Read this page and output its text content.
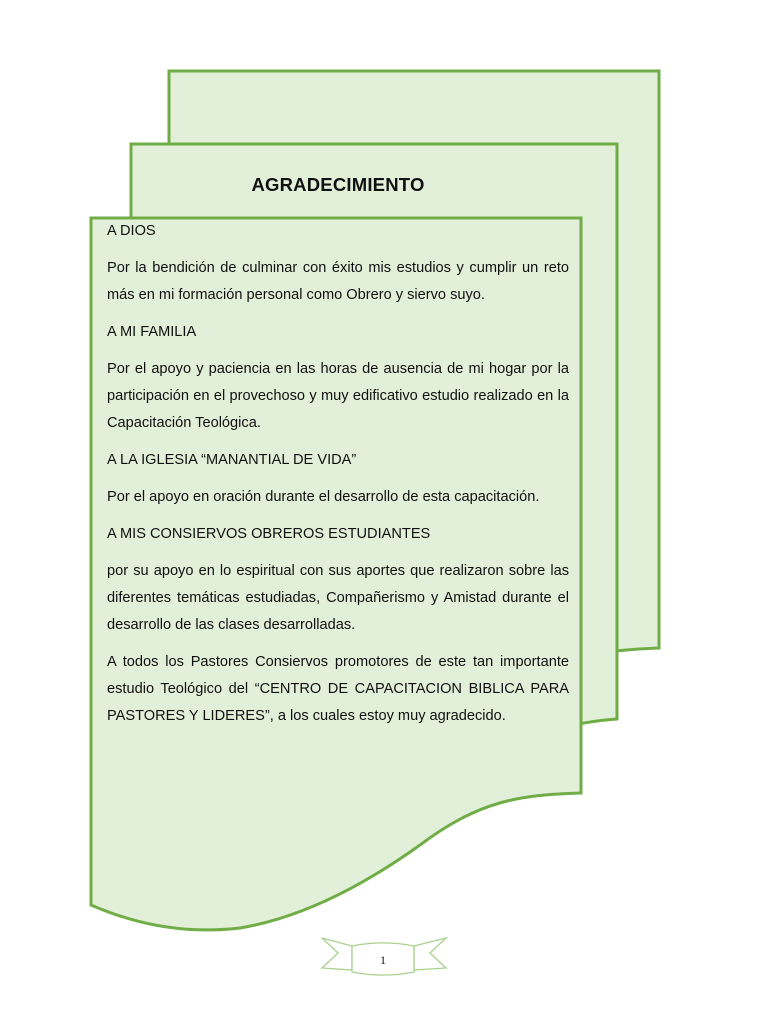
AGRADECIMIENTO

A DIOS

Por la bendición de culminar con éxito mis estudios y cumplir un reto más en mi formación personal como Obrero y siervo suyo.

A MI FAMILIA

Por el apoyo y paciencia en las horas de ausencia de mi hogar por la participación en el provechoso y muy edificativo estudio realizado en la Capacitación Teológica.

A LA IGLESIA “MANANTIAL DE VIDA”

Por el apoyo en oración durante el desarrollo de esta capacitación.

A MIS CONSIERVOS OBREROS ESTUDIANTES

por su apoyo en lo espiritual con sus aportes que realizaron sobre las diferentes temáticas estudiadas, Compañerismo y Amistad durante el desarrollo de las clases desarrolladas.

A todos los Pastores Consiervos promotores de este tan importante estudio Teológico del “CENTRO DE CAPACITACION BIBLICA PARA PASTORES Y LIDERES”, a los cuales estoy muy agradecido.

1
